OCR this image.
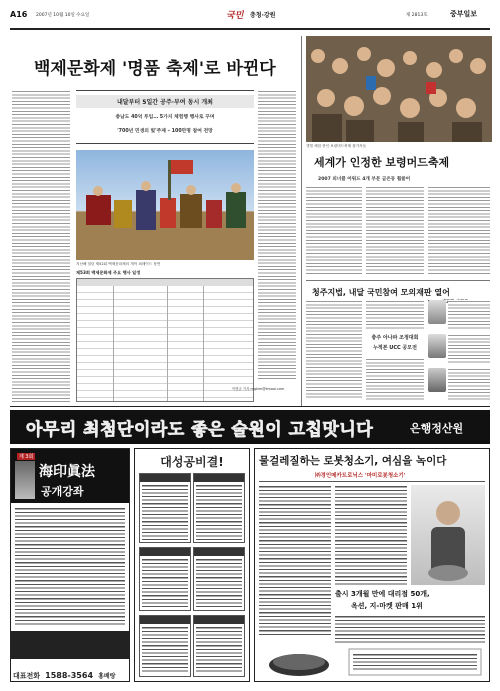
A16 2007년 10월 10일 수요일	국민 충청·강원	제 2813호	중부일보
백제문화제 '명품 축제'로 바뀐다
내달부터 5일간 공주·부여 동시 개최
충남도 40억 투입… 5가지 체험행 행사로 꾸며
'700년 민생의 빛'주제 – 100만명 참여 전망
지난해 열린 제52회 백제문화제의 개막 퍼레이드 장면
제53회 백제문화제 주요 행사 일정
이명규 기자 mgkim@kmoai.com
갯벌 체험 중인 보령머드축제 참가자들
세계가 인정한 보령머드축제
2007 피너클 어워드 4개 부문 금은동 휩쓸어
청주지법, 내달 국민참여 모의재판 열어
충주 아나파 조정대회
누적본 UCC 공모전
아무리 최첨단이라도 좋은 술원이 고칩맛니다	은행정산원
제 3회
海印眞法
공개강좌
대표전화 1588-3564 홍배랑
대성공비결!	물걸레질하는 로봇청소기, 여심을 녹이다
㈜경인메카트로닉스 '마미로봇청소기'
출시 3개월 만에 대리점 50개,
옥션, 지-마켓 판매 1위
